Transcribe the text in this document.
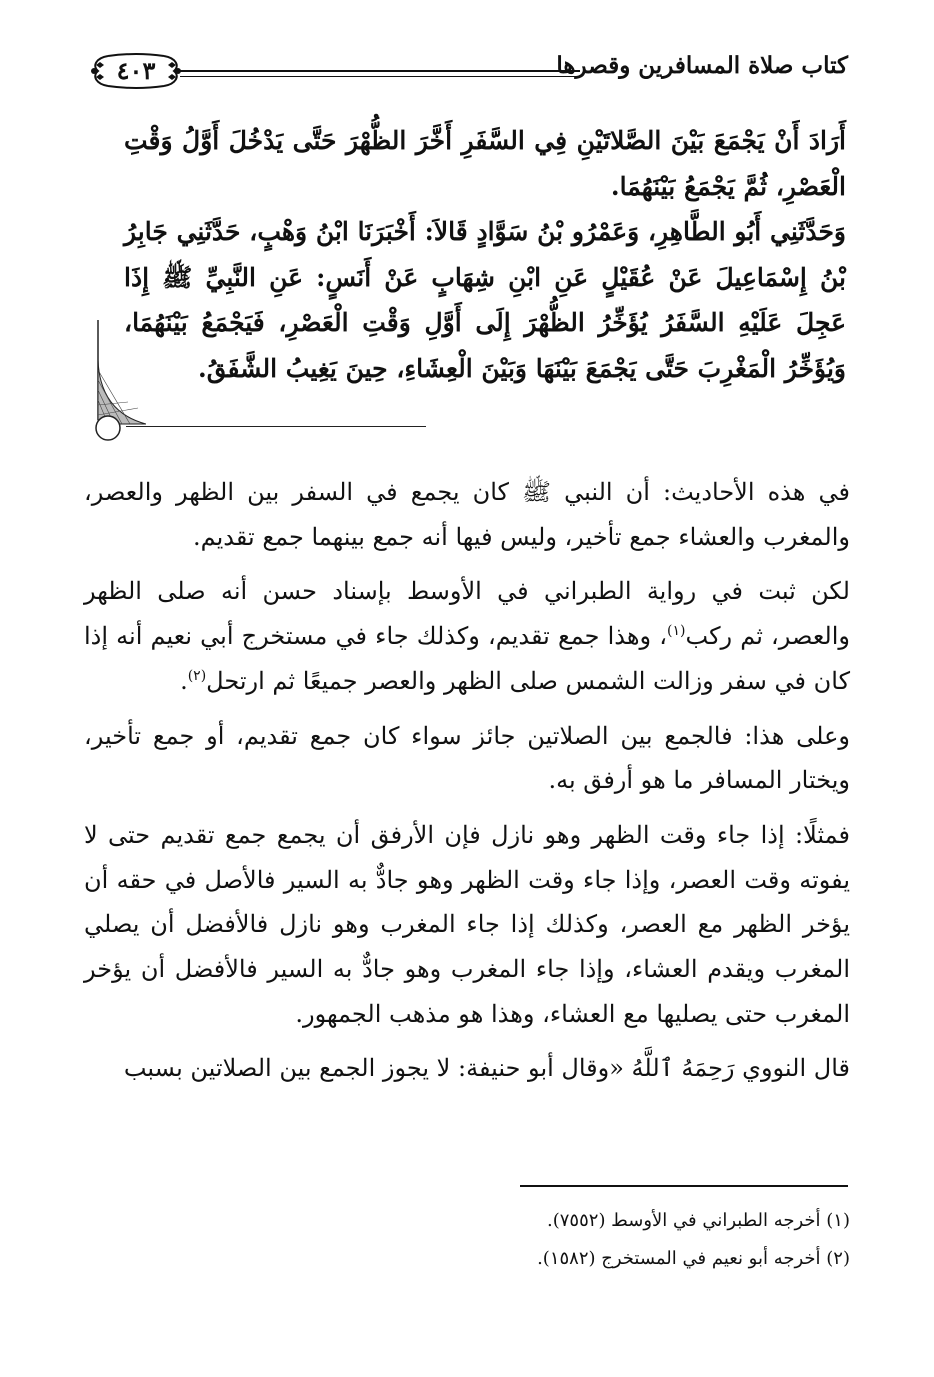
كتاب صلاة المسافرين وقصرها
٤٠٣

أَرَادَ أَنْ يَجْمَعَ بَيْنَ الصَّلاتَيْنِ فِي السَّفَرِ أَخَّرَ الظُّهْرَ حَتَّى يَدْخُلَ أَوَّلُ وَقْتِ الْعَصْرِ، ثُمَّ يَجْمَعُ بَيْنَهُمَا.

وَحَدَّثَنِي أَبُو الطَّاهِرِ، وَعَمْرُو بْنُ سَوَّادٍ قَالاَ: أَخْبَرَنَا ابْنُ وَهْبٍ، حَدَّثَنِي جَابِرُ بْنُ إِسْمَاعِيلَ عَنْ عُقَيْلٍ عَنِ ابْنِ شِهَابٍ عَنْ أَنَسٍ: عَنِ النَّبِيِّ ﷺ إِذَا عَجِلَ عَلَيْهِ السَّفَرُ يُؤَخِّرُ الظُّهْرَ إِلَى أَوَّلِ وَقْتِ الْعَصْرِ، فَيَجْمَعُ بَيْنَهُمَا، وَيُؤَخِّرُ الْمَغْرِبَ حَتَّى يَجْمَعَ بَيْنَهَا وَبَيْنَ الْعِشَاءِ، حِينَ يَغِيبُ الشَّفَقُ.

في هذه الأحاديث: أن النبي ﷺ كان يجمع في السفر بين الظهر والعصر، والمغرب والعشاء جمع تأخير، وليس فيها أنه جمع بينهما جمع تقديم.

لكن ثبت في رواية الطبراني في الأوسط بإسناد حسن أنه صلى الظهر والعصر، ثم ركب$^{(١)}$، وهذا جمع تقديم، وكذلك جاء في مستخرج أبي نعيم أنه إذا كان في سفر وزالت الشمس صلى الظهر والعصر جميعًا ثم ارتحل$^{(٢)}$.

وعلى هذا: فالجمع بين الصلاتين جائز سواء كان جمع تقديم، أو جمع تأخير، ويختار المسافر ما هو أرفق به.

فمثلًا: إذا جاء وقت الظهر وهو نازل فإن الأرفق أن يجمع جمع تقديم حتى لا يفوته وقت العصر، وإذا جاء وقت الظهر وهو جادٌّ به السير فالأصل في حقه أن يؤخر الظهر مع العصر، وكذلك إذا جاء المغرب وهو نازل فالأفضل أن يصلي المغرب ويقدم العشاء، وإذا جاء المغرب وهو جادٌّ به السير فالأفضل أن يؤخر المغرب حتى يصليها مع العشاء، وهذا هو مذهب الجمهور.

قال النووي رَحِمَهُ ٱللَّهُ «وقال أبو حنيفة: لا يجوز الجمع بين الصلاتين بسبب

(١) أخرجه الطبراني في الأوسط (٧٥٥٢).
(٢) أخرجه أبو نعيم في المستخرج (١٥٨٢).
